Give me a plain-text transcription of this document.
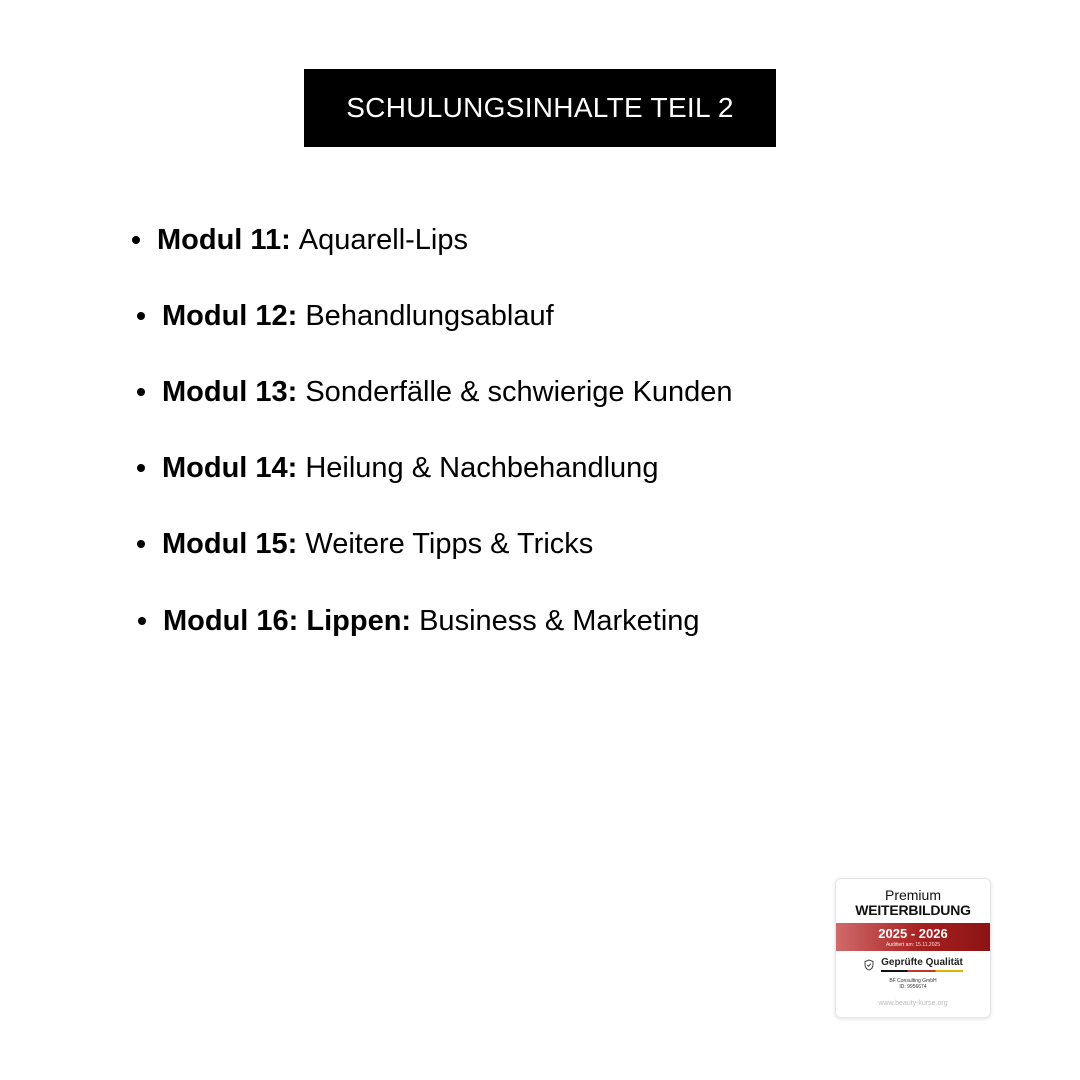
SCHULUNGSINHALTE TEIL 2
Modul 11: Aquarell-Lips
Modul 12: Behandlungsablauf
Modul 13: Sonderfälle & schwierige Kunden
Modul 14: Heilung & Nachbehandlung
Modul 15: Weitere Tipps & Tricks
Modul 16: Lippen: Business & Marketing
Premium
WEITERBILDUNG
2025 - 2026
Auditiert am: 15.11.2025
Geprüfte Qualität
BF Consulting GmbH
ID: 9956674
www.beauty-kurse.org
